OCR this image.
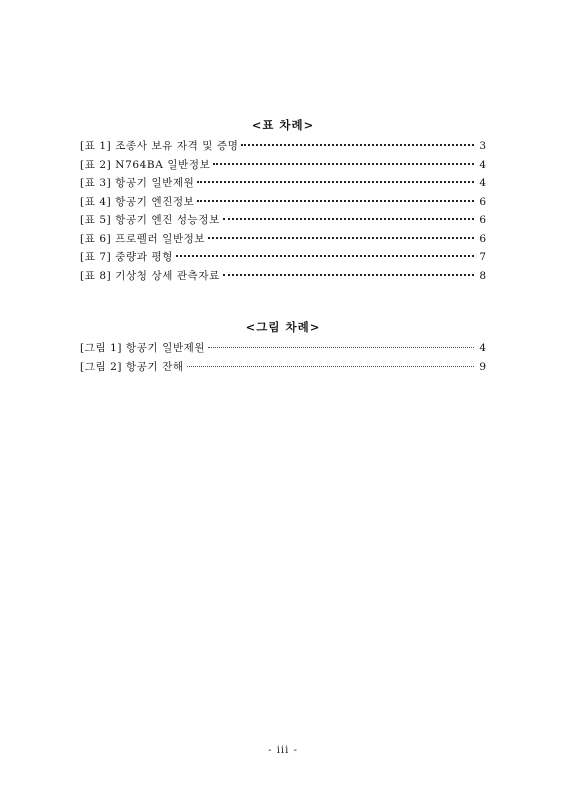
<표 차례>
[표 1] 조종사 보유 자격 및 증명	3
[표 2] N764BA 일반정보	4
[표 3] 항공기 일반제원	4
[표 4] 항공기 엔진정보	6
[표 5] 항공기 엔진 성능정보	6
[표 6] 프로펠러 일반정보	6
[표 7] 중량과 평형	7
[표 8] 기상청 상세 관측자료	8
<그림 차례>
[그림 1] 항공기 일반제원	4
[그림 2] 항공기 잔해	9
- iii -
